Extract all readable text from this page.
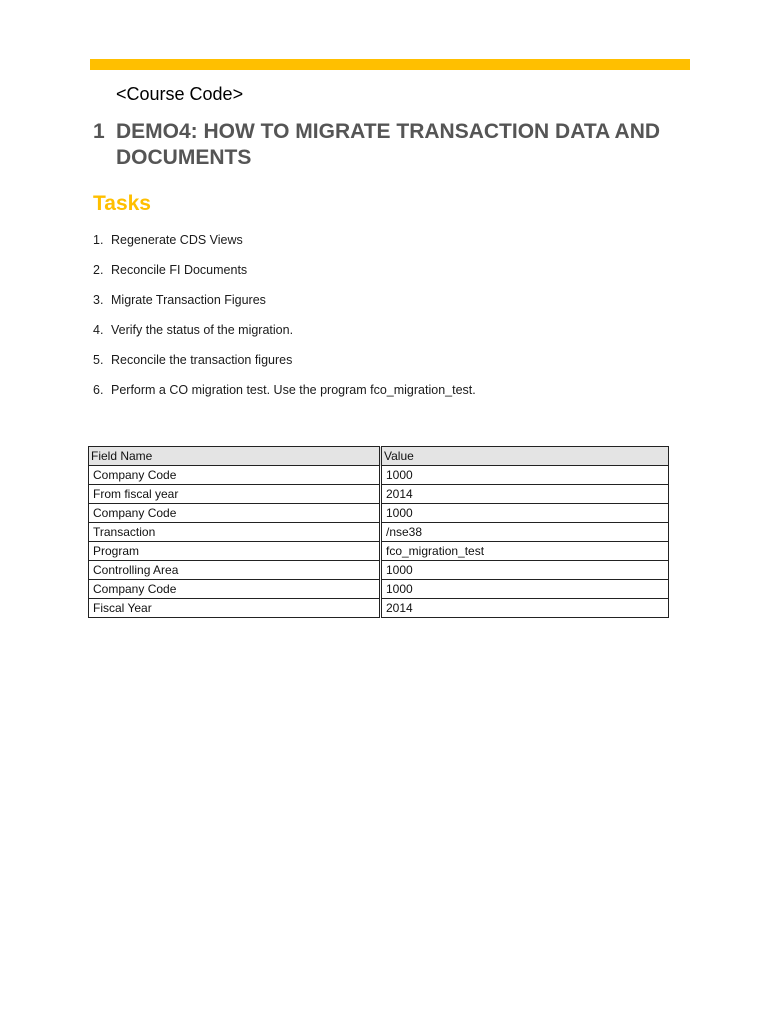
<Course Code>
1 DEMO4: HOW TO MIGRATE TRANSACTION DATA AND DOCUMENTS
Tasks
1. Regenerate CDS Views
2. Reconcile FI Documents
3. Migrate Transaction Figures
4. Verify the status of the migration.
5. Reconcile the transaction figures
6. Perform a CO migration test. Use the program fco_migration_test.
Field Name	Value
Company Code	1000
From fiscal year	2014
Company Code	1000
Transaction	/nse38
Program	fco_migration_test
Controlling Area	1000
Company Code	1000
Fiscal Year	2014
